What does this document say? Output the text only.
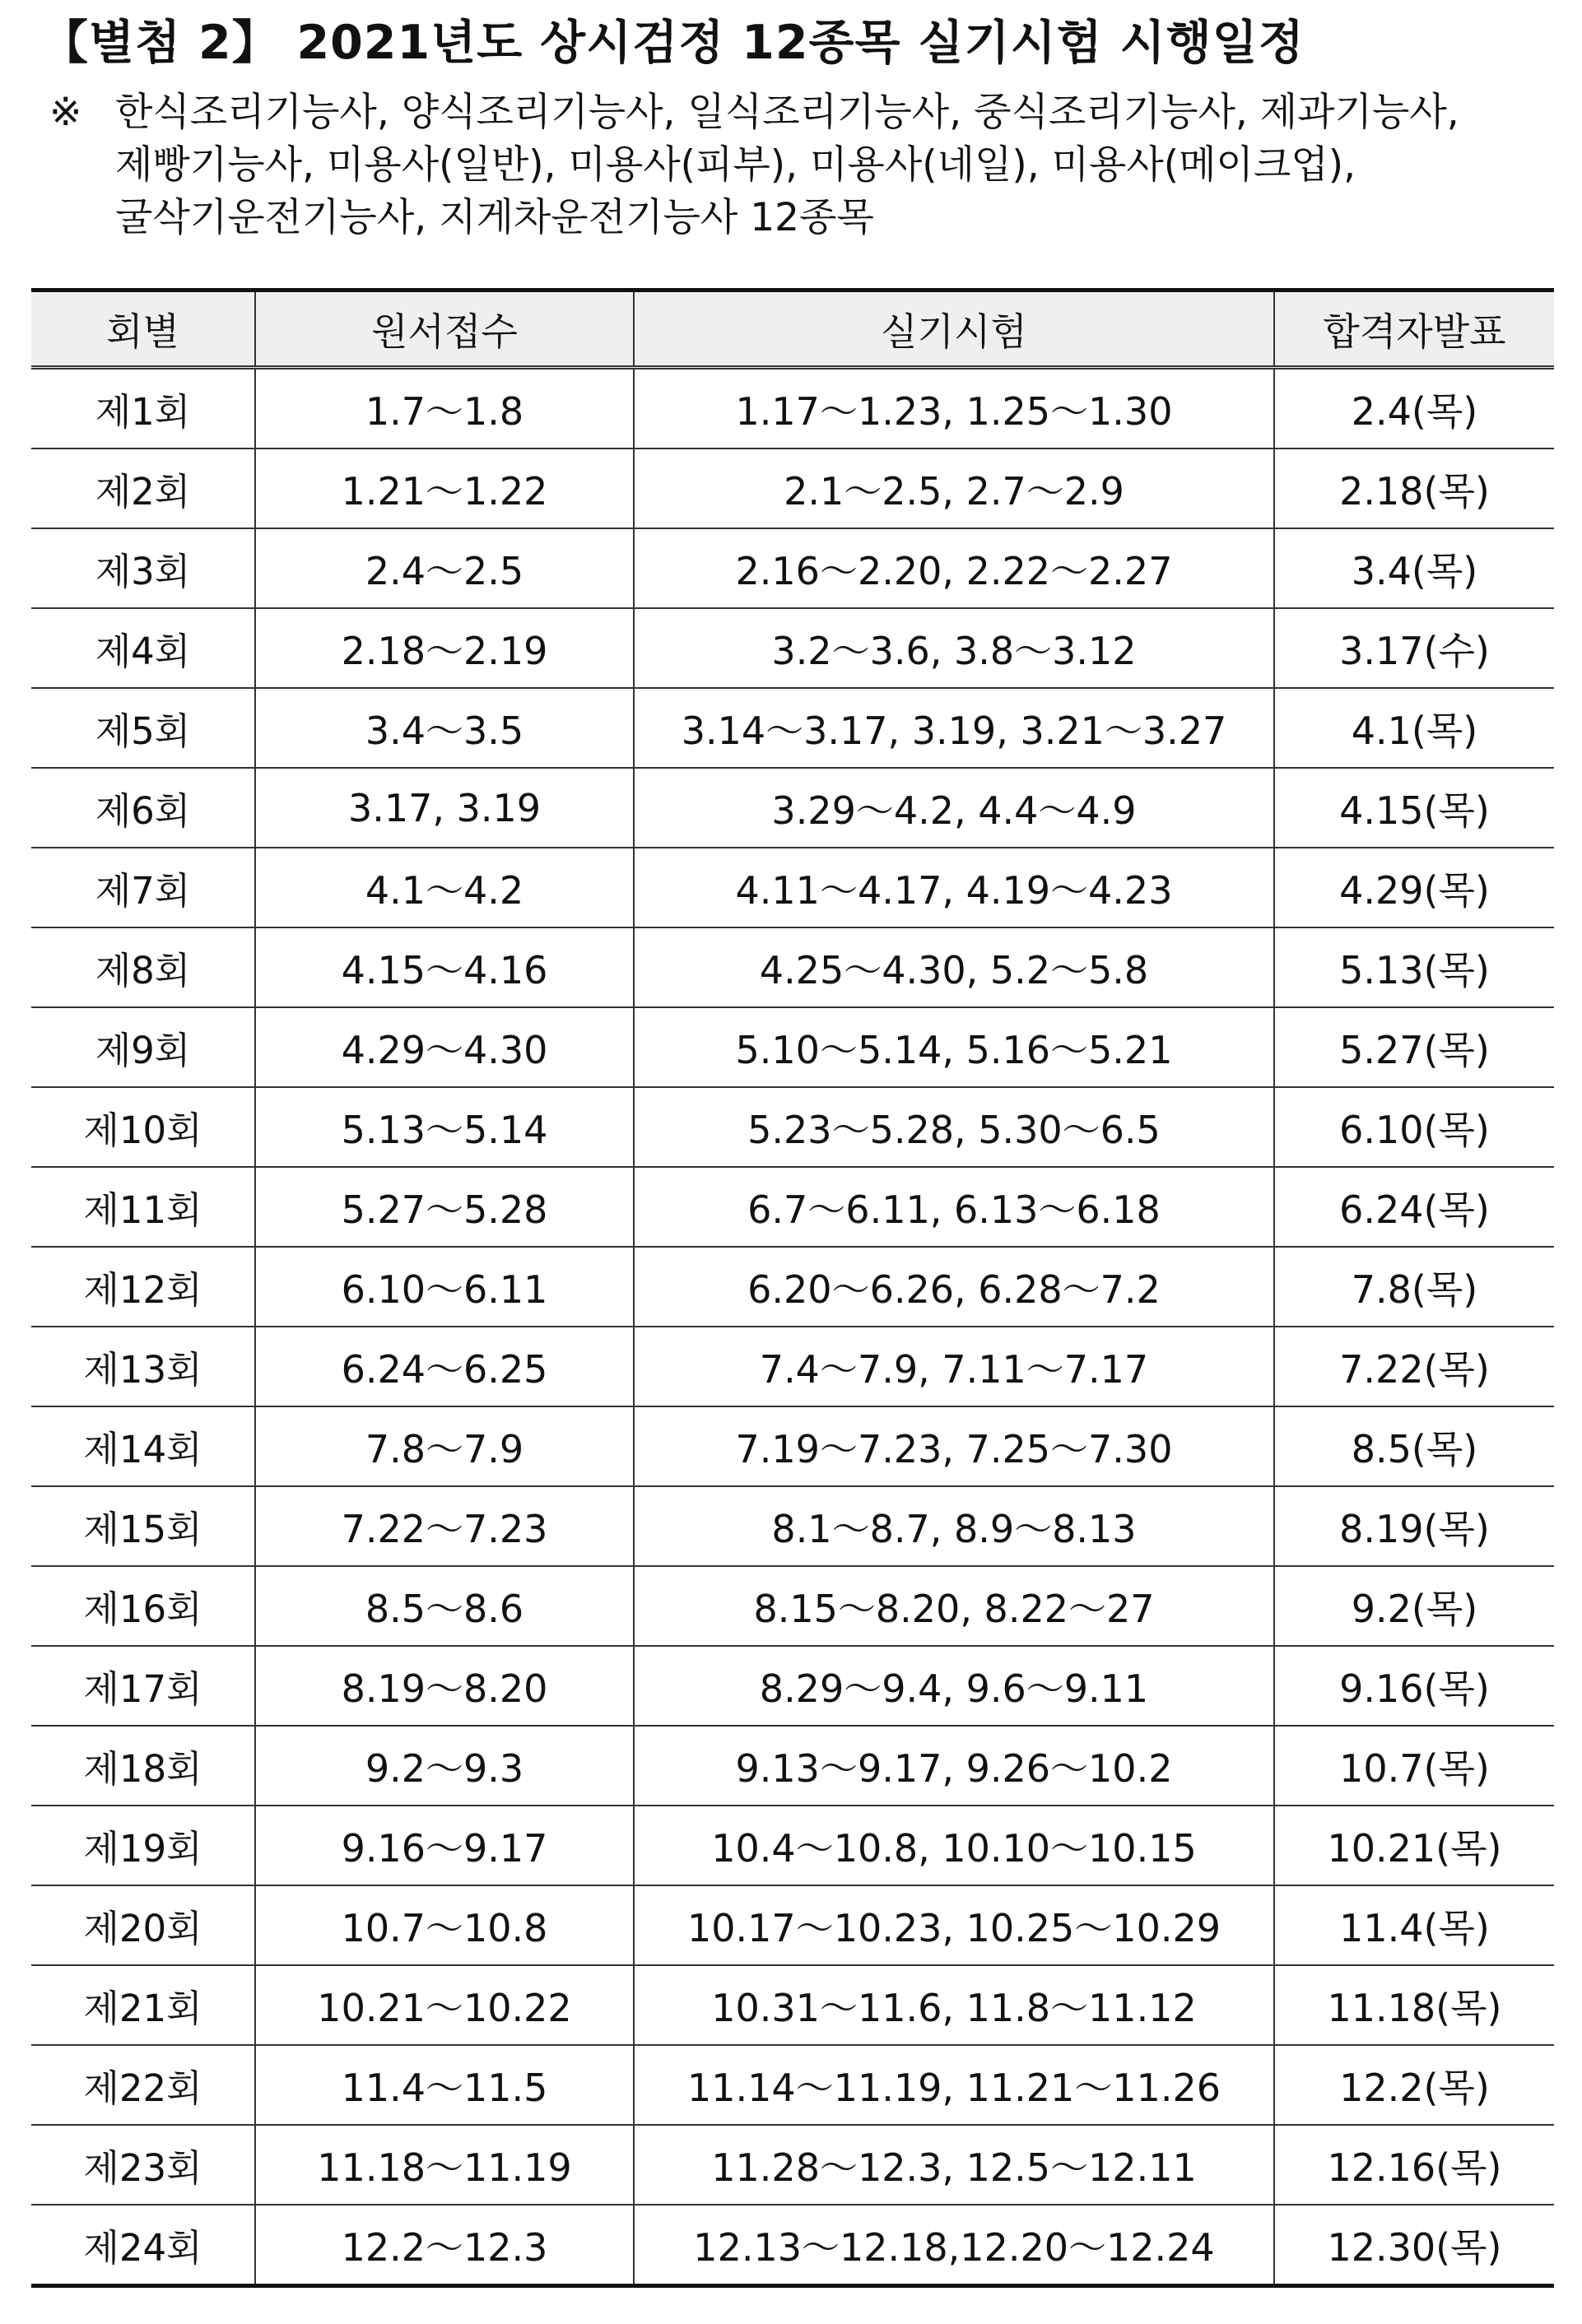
【별첨 2】 2021년도 상시검정 12종목 실기시험 시행일정
※ 한식조리기능사, 양식조리기능사, 일식조리기능사, 중식조리기능사, 제과기능사,
제빵기능사, 미용사(일반), 미용사(피부), 미용사(네일), 미용사(메이크업),
굴삭기운전기능사, 지게차운전기능사 12종목
회별	원서접수	실기시험	합격자발표
제1회	1.7～1.8	1.17～1.23, 1.25～1.30	2.4(목)
제2회	1.21～1.22	2.1～2.5, 2.7～2.9	2.18(목)
제3회	2.4～2.5	2.16～2.20, 2.22～2.27	3.4(목)
제4회	2.18～2.19	3.2～3.6, 3.8～3.12	3.17(수)
제5회	3.4～3.5	3.14～3.17, 3.19, 3.21～3.27	4.1(목)
제6회	3.17, 3.19	3.29～4.2, 4.4～4.9	4.15(목)
제7회	4.1～4.2	4.11～4.17, 4.19～4.23	4.29(목)
제8회	4.15～4.16	4.25～4.30, 5.2～5.8	5.13(목)
제9회	4.29～4.30	5.10～5.14, 5.16～5.21	5.27(목)
제10회	5.13～5.14	5.23～5.28, 5.30～6.5	6.10(목)
제11회	5.27～5.28	6.7～6.11, 6.13～6.18	6.24(목)
제12회	6.10～6.11	6.20～6.26, 6.28～7.2	7.8(목)
제13회	6.24～6.25	7.4～7.9, 7.11～7.17	7.22(목)
제14회	7.8～7.9	7.19～7.23, 7.25～7.30	8.5(목)
제15회	7.22～7.23	8.1～8.7, 8.9～8.13	8.19(목)
제16회	8.5～8.6	8.15～8.20, 8.22～27	9.2(목)
제17회	8.19～8.20	8.29～9.4, 9.6～9.11	9.16(목)
제18회	9.2～9.3	9.13～9.17, 9.26～10.2	10.7(목)
제19회	9.16～9.17	10.4～10.8, 10.10～10.15	10.21(목)
제20회	10.7～10.8	10.17～10.23, 10.25～10.29	11.4(목)
제21회	10.21～10.22	10.31～11.6, 11.8～11.12	11.18(목)
제22회	11.4～11.5	11.14～11.19, 11.21～11.26	12.2(목)
제23회	11.18～11.19	11.28～12.3, 12.5～12.11	12.16(목)
제24회	12.2～12.3	12.13～12.18,12.20～12.24	12.30(목)
